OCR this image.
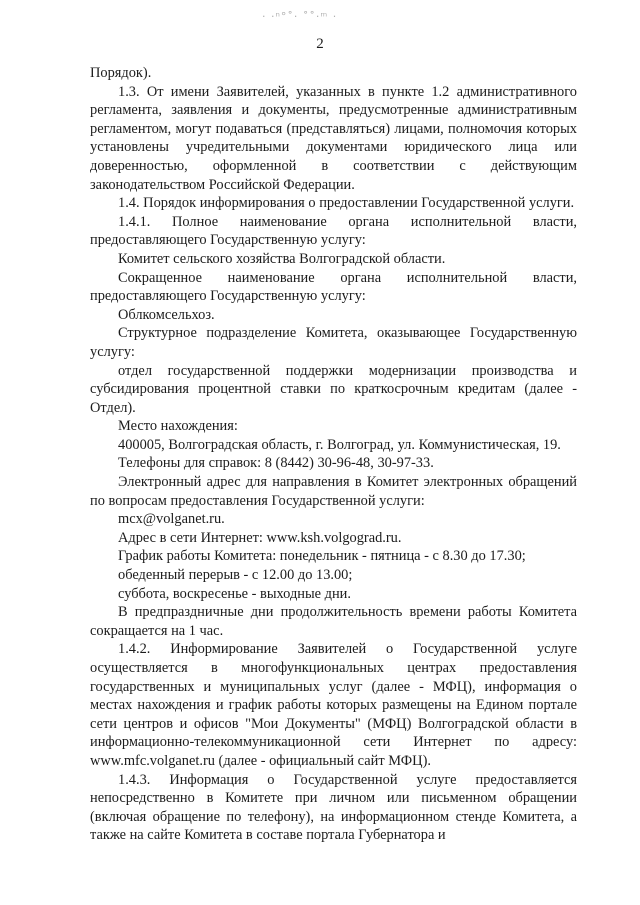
· ·ⁿ°˚· ˚˚·ᵐ ·
2

Порядок).

1.3. От имени Заявителей, указанных в пункте 1.2 административного регламента, заявления и документы, предусмотренные административным регламентом, могут подаваться (представляться) лицами, полномочия которых установлены учредительными документами юридического лица или доверенностью, оформленной в соответствии с действующим законодательством Российской Федерации.

1.4. Порядок информирования о предоставлении Государственной услуги.

1.4.1. Полное наименование органа исполнительной власти, предоставляющего Государственную услугу:

Комитет сельского хозяйства Волгоградской области.

Сокращенное наименование органа исполнительной власти, предоставляющего Государственную услугу:

Облкомсельхоз.

Структурное подразделение Комитета, оказывающее Государственную услугу:

отдел государственной поддержки модернизации производства и субсидирования процентной ставки по краткосрочным кредитам (далее - Отдел).

Место нахождения:

400005, Волгоградская область, г. Волгоград, ул. Коммунистическая, 19.

Телефоны для справок: 8 (8442) 30-96-48, 30-97-33.

Электронный адрес для направления в Комитет электронных обращений по вопросам предоставления Государственной услуги:

mcx@volganet.ru.

Адрес в сети Интернет: www.ksh.volgograd.ru.

График работы Комитета: понедельник - пятница - с 8.30 до 17.30;

обеденный перерыв - с 12.00 до 13.00;

суббота, воскресенье - выходные дни.

В предпраздничные дни продолжительность времени работы Комитета сокращается на 1 час.

1.4.2. Информирование Заявителей о Государственной услуге осуществляется в многофункциональных центрах предоставления государственных и муниципальных услуг (далее - МФЦ), информация о местах нахождения и график работы которых размещены на Едином портале сети центров и офисов "Мои Документы" (МФЦ) Волгоградской области в информационно-телекоммуникационной сети Интернет по адресу: www.mfc.volganet.ru (далее - официальный сайт МФЦ).

1.4.3. Информация о Государственной услуге предоставляется непосредственно в Комитете при личном или письменном обращении (включая обращение по телефону), на информационном стенде Комитета, а также на сайте Комитета в составе портала Губернатора и
